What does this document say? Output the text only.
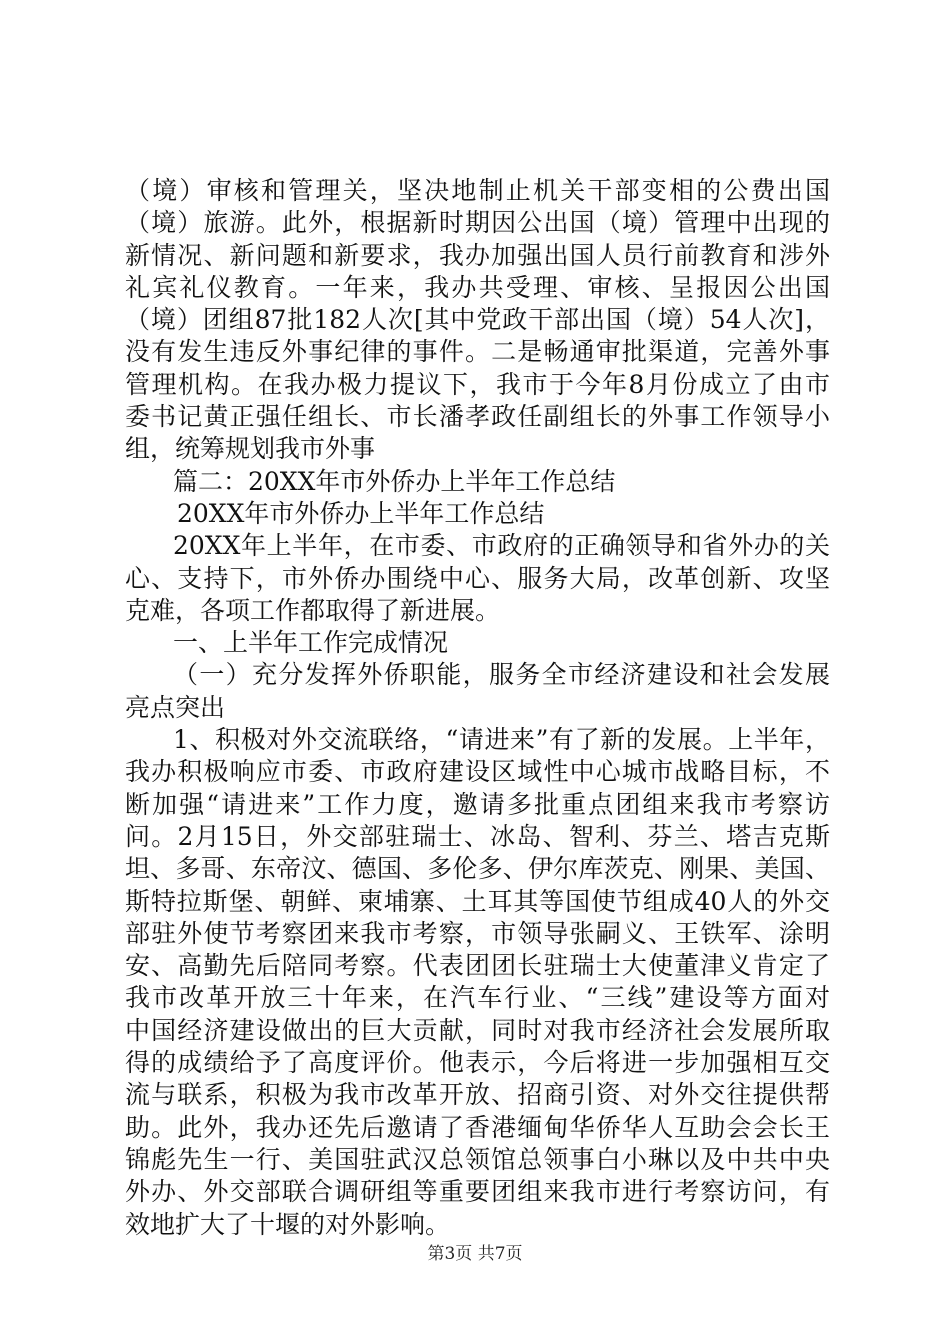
（境）审核和管理关，坚决地制止机关干部变相的公费出国
（境）旅游。此外，根据新时期因公出国（境）管理中出现的
新情况、新问题和新要求，我办加强出国人员行前教育和涉外
礼宾礼仪教育。一年来，我办共受理、审核、呈报因公出国
（境）团组87批182人次[其中党政干部出国（境）54人次]，
没有发生违反外事纪律的事件。二是畅通审批渠道，完善外事
管理机构。在我办极力提议下，我市于今年8月份成立了由市
委书记黄正强任组长、市长潘孝政任副组长的外事工作领导小
组，统筹规划我市外事
篇二：20XX年市外侨办上半年工作总结
20XX年市外侨办上半年工作总结
20XX年上半年，在市委、市政府的正确领导和省外办的关
心、支持下，市外侨办围绕中心、服务大局，改革创新、攻坚
克难，各项工作都取得了新进展。
一、上半年工作完成情况
（一）充分发挥外侨职能，服务全市经济建设和社会发展
亮点突出
1、积极对外交流联络，“请进来”有了新的发展。上半年，
我办积极响应市委、市政府建设区域性中心城市战略目标，不
断加强“请进来”工作力度，邀请多批重点团组来我市考察访
问。2月15日，外交部驻瑞士、冰岛、智利、芬兰、塔吉克斯
坦、多哥、东帝汶、德国、多伦多、伊尔库茨克、刚果、美国、
斯特拉斯堡、朝鲜、柬埔寨、土耳其等国使节组成40人的外交
部驻外使节考察团来我市考察，市领导张嗣义、王铁军、涂明
安、高勤先后陪同考察。代表团团长驻瑞士大使董津义肯定了
我市改革开放三十年来，在汽车行业、“三线”建设等方面对
中国经济建设做出的巨大贡献，同时对我市经济社会发展所取
得的成绩给予了高度评价。他表示，今后将进一步加强相互交
流与联系，积极为我市改革开放、招商引资、对外交往提供帮
助。此外，我办还先后邀请了香港缅甸华侨华人互助会会长王
锦彪先生一行、美国驻武汉总领馆总领事白小琳以及中共中央
外办、外交部联合调研组等重要团组来我市进行考察访问，有
效地扩大了十堰的对外影响。
第3页 共7页
